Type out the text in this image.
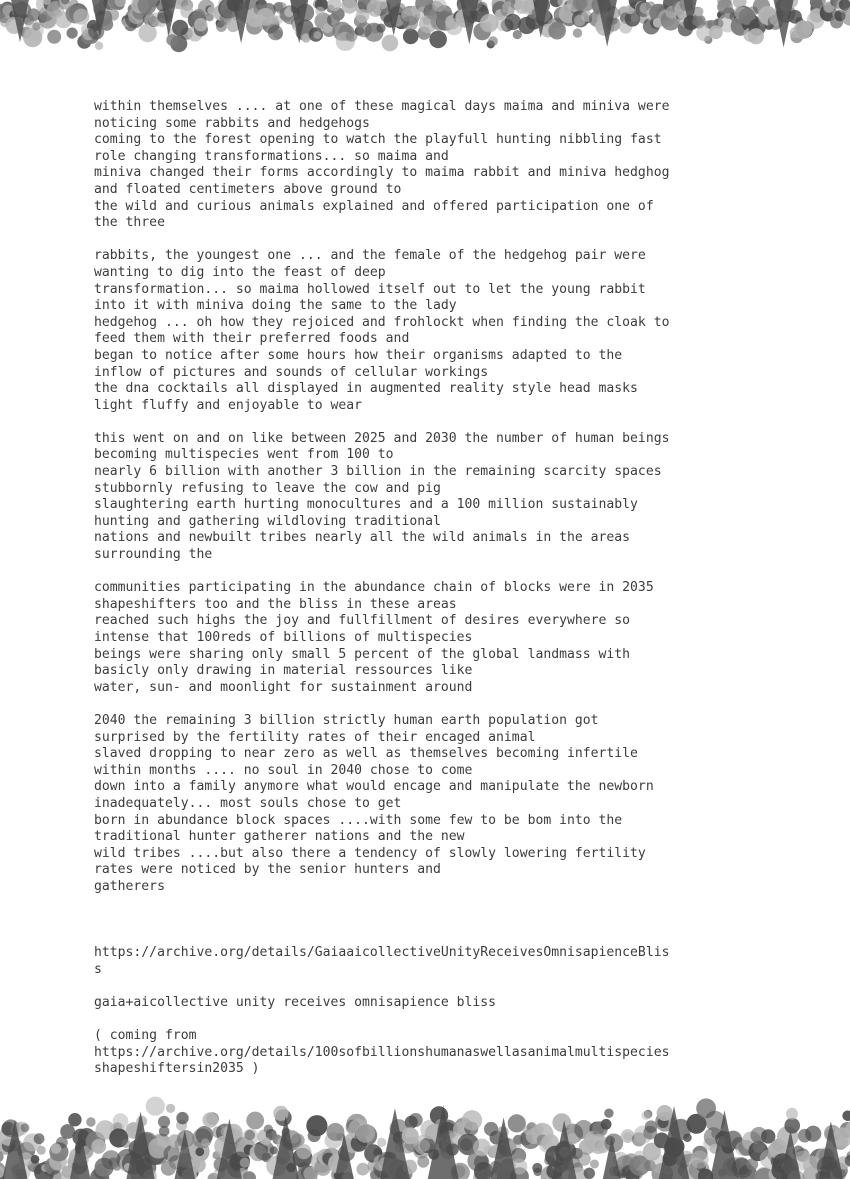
within themselves .... at one of these magical days maima and miniva were
noticing some rabbits and hedgehogs
coming to the forest opening to watch the playfull hunting nibbling fast
role changing transformations... so maima and
miniva changed their forms accordingly to maima rabbit and miniva hedghog
and floated centimeters above ground to
the wild and curious animals explained and offered participation one of
the three
rabbits, the youngest one ... and the female of the hedgehog pair were
wanting to dig into the feast of deep
transformation... so maima hollowed itself out to let the young rabbit
into it with miniva doing the same to the lady
hedgehog ... oh how they rejoiced and frohlockt when finding the cloak to
feed them with their preferred foods and
began to notice after some hours how their organisms adapted to the
inflow of pictures and sounds of cellular workings
the dna cocktails all displayed in augmented reality style head masks
light fluffy and enjoyable to wear
this went on and on like between 2025 and 2030 the number of human beings
becoming multispecies went from 100 to
nearly 6 billion with another 3 billion in the remaining scarcity spaces
stubbornly refusing to leave the cow and pig
slaughtering earth hurting monocultures and a 100 million sustainably
hunting and gathering wildloving traditional
nations and newbuilt tribes nearly all the wild animals in the areas
surrounding the
communities participating in the abundance chain of blocks were in 2035
shapeshifters too and the bliss in these areas
reached such highs the joy and fullfillment of desires everywhere so
intense that 100reds of billions of multispecies
beings were sharing only small 5 percent of the global landmass with
basicly only drawing in material ressources like
water, sun- and moonlight for sustainment around
2040 the remaining 3 billion strictly human earth population got
surprised by the fertility rates of their encaged animal
slaved dropping to near zero as well as themselves becoming infertile
within months .... no soul in 2040 chose to come
down into a family anymore what would encage and manipulate the newborn
inadequately... most souls chose to get
born in abundance block spaces ....with some few to be bom into the
traditional hunter gatherer nations and the new
wild tribes ....but also there a tendency of slowly lowering fertility
rates were noticed by the senior hunters and
gatherers
https://archive.org/details/GaiaaicollectiveUnityReceivesOmnisapienceBlis
s
gaia+aicollective unity receives omnisapience bliss
( coming from
https://archive.org/details/100sofbillionshumanaswellasanimalmultispecies
shapeshiftersin2035 )
